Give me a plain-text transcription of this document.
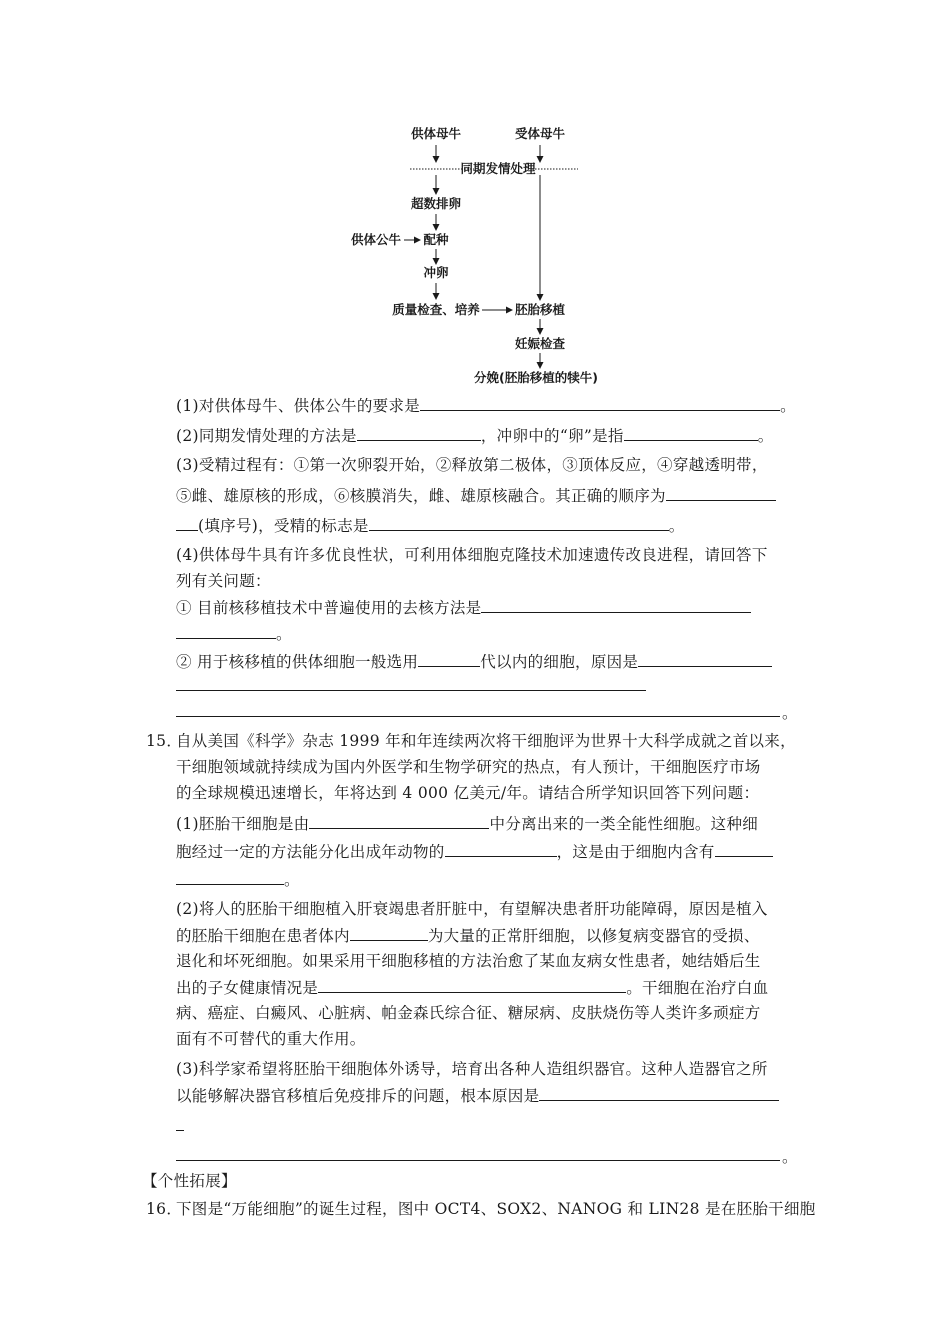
供体母牛	受体母牛
同期发情处理
超数排卵
供体公牛 配种
冲卵
质量检查、培养	胚胎移植
妊娠检查
分娩(胚胎移植的犊牛)
(1)对供体母牛、供体公牛的要求是	。
(2)同期发情处理的方法是	，冲卵中的“卵”是指	。
(3)受精过程有：①第一次卵裂开始，②释放第二极体，③顶体反应，④穿越透明带，
⑤雌、雄原核的形成，⑥核膜消失，雌、雄原核融合。其正确的顺序为
(填序号)，受精的标志是	。
(4)供体母牛具有许多优良性状，可利用体细胞克隆技术加速遗传改良进程，请回答下
列有关问题：
① 目前核移植技术中普遍使用的去核方法是
。
② 用于核移植的供体细胞一般选用	代以内的细胞，原因是
。
15．
自从美国《科学》杂志 1999 年和年连续两次将干细胞评为世界十大科学成就之首以来，
干细胞领域就持续成为国内外医学和生物学研究的热点，有人预计，干细胞医疗市场
的全球规模迅速增长，年将达到 4 000 亿美元/年。请结合所学知识回答下列问题：
(1)胚胎干细胞是由	中分离出来的一类全能性细胞。这种细
胞经过一定的方法能分化出成年动物的	，这是由于细胞内含有
。
(2)将人的胚胎干细胞植入肝衰竭患者肝脏中，有望解决患者肝功能障碍，原因是植入
的胚胎干细胞在患者体内	为大量的正常肝细胞，以修复病变器官的受损、
退化和坏死细胞。如果采用干细胞移植的方法治愈了某血友病女性患者，她结婚后生
出的子女健康情况是	。干细胞在治疗白血
病、癌症、白癜风、心脏病、帕金森氏综合征、糖尿病、皮肤烧伤等人类许多顽症方
面有不可替代的重大作用。
(3)科学家希望将胚胎干细胞体外诱导，培育出各种人造组织器官。这种人造器官之所
以能够解决器官移植后免疫排斥的问题，根本原因是
。
【个性拓展】
16．
下图是“万能细胞”的诞生过程，图中 OCT4、SOX2、NANOG 和 LIN28 是在胚胎干细胞
